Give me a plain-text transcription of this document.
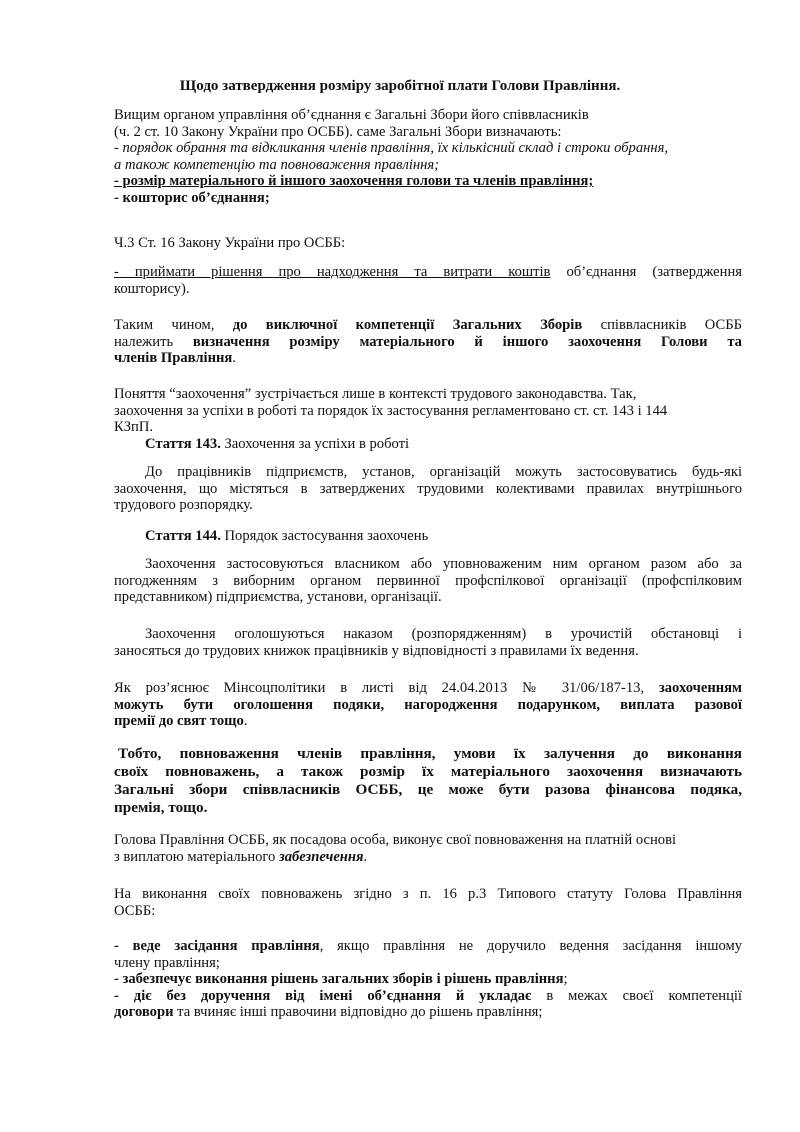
Щодо затвердження розміру заробітної плати Голови Правління.
Вищим органом управління об’єднання є Загальні Збори його співвласників
(ч. 2 ст. 10 Закону України про ОСББ). саме Загальні Збори визначають:
- порядок обрання та відкликання членів правління, їх кількісний склад і строки обрання,
а також компетенцію та повноваження правління;
- розмір матеріального й іншого заохочення голови та членів правління;
- кошторис об’єднання;
Ч.3 Ст. 16 Закону України про ОСББ:
- приймати рішення про надходження та витрати коштів об’єднання (затвердження
кошторису).
Таким чином, до виключної компетенції Загальних Зборів співвласників ОСББ
належить визначення розміру матеріального й іншого заохочення Голови та
членів Правління.
Поняття “заохочення” зустрічається лише в контексті трудового законодавства. Так,
заохочення за успіхи в роботі та порядок їх застосування регламентовано ст. ст. 143 і 144
КЗпП.
Стаття 143. Заохочення за успіхи в роботі
До працівників підприємств, установ, організацій можуть застосовуватись будь-які
заохочення, що містяться в затверджених трудовими колективами правилах внутрішнього
трудового розпорядку.
Стаття 144. Порядок застосування заохочень
Заохочення застосовуються власником або уповноваженим ним органом разом або за
погодженням з виборним органом первинної профспілкової організації (профспілковим
представником) підприємства, установи, організації.
Заохочення оголошуються наказом (розпорядженням) в урочистій обстановці і
заносяться до трудових книжок працівників у відповідності з правилами їх ведення.
Як роз’яснює Мінсоцполітики в листі від 24.04.2013 № 31/06/187-13, заохоченням
можуть бути оголошення подяки, нагородження подарунком, виплата разової
премії до свят тощо.
Тобто, повноваження членів правління, умови їх залучення до виконання
своїх повноважень, а також розмір їх матеріального заохочення визначають
Загальні збори співвласників ОСББ, це може бути разова фінансова подяка,
премія, тощо.
Голова Правління ОСББ, як посадова особа, виконує свої повноваження на платній основі
з виплатою матеріального забезпечення.
На виконання своїх повноважень згідно з п. 16 р.3 Типового статуту Голова Правління
ОСББ:
- веде засідання правління, якщо правління не доручило ведення засідання іншому
члену правління;
- забезпечує виконання рішень загальних зборів і рішень правління;
- діє без доручення від імені об’єднання й укладає в межах своєї компетенції
договори та вчиняє інші правочини відповідно до рішень правління;
